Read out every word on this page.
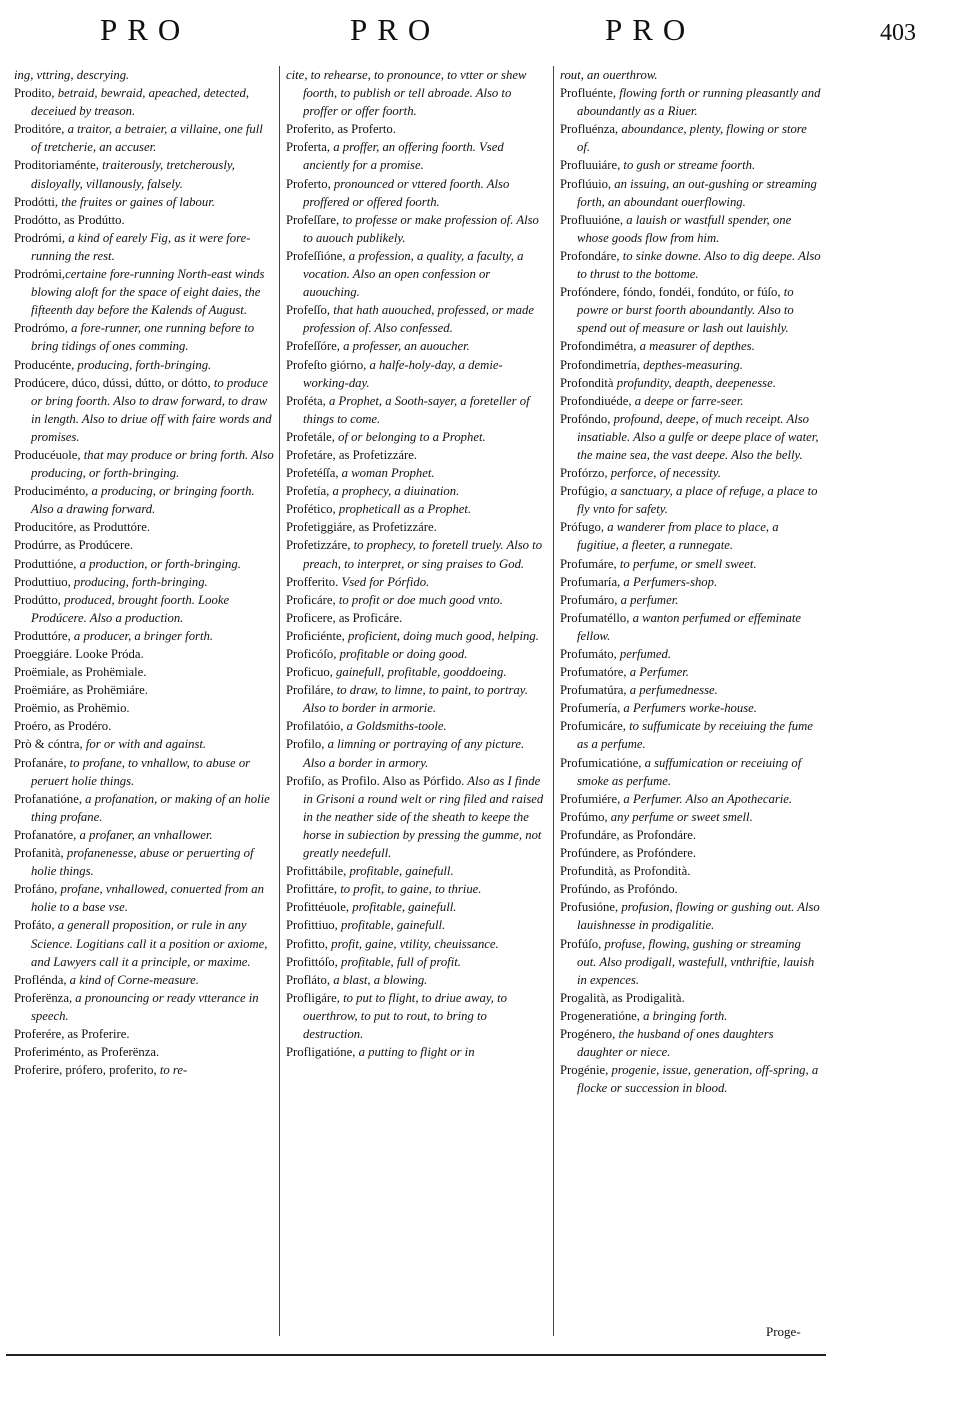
PRO	PRO	PRO	403

ing, vttring, descrying.

Prodito, betraid, bewraid, apeached, detected, deceiued by treason.

Proditóre, a traitor, a betraier, a villaine, one full of tretcherie, an accuser.

Proditoriaménte, traiterously, tretcherously, disloyally, villanously, falsely.

Prodótti, the fruites or gaines of labour.

Prodótto, as Prodútto.

Prodrómi, a kind of earely Fig, as it were fore-running the rest.

Prodrómi,certaine fore-running North-east winds blowing aloft for the space of eight daies, the fifteenth day before the Kalends of August.

Prodrómo, a fore-runner, one running before to bring tidings of ones comming.

Producénte, producing, forth-bringing.

Prodúcere, dúco, dússi, dútto, or dótto, to produce or bring foorth. Also to draw forward, to draw in length. Also to driue off with faire words and promises.

Producéuole, that may produce or bring forth. Also producing, or forth-bringing.

Produciménto, a producing, or bringing foorth. Also a drawing forward.

Producitóre, as Produttóre.

Prodúrre, as Prodúcere.

Produttióne, a production, or forth-bringing.

Produttiuo, producing, forth-bringing.

Prodútto, produced, brought foorth. Looke Prodúcere. Also a production.

Produttóre, a producer, a bringer forth.

Proeggiáre. Looke Próda.

Proëmiale, as Prohëmiale.

Proëmiáre, as Prohëmiáre.

Proëmio, as Prohëmio.

Proéro, as Prodéro.

Prò & cóntra, for or with and against.

Profanáre, to profane, to vnhallow, to abuse or peruert holie things.

Profanatióne, a profanation, or making of an holie thing profane.

Profanatóre, a profaner, an vnhallower.

Profanità, profanenesse, abuse or peruerting of holie things.

Profáno, profane, vnhallowed, conuerted from an holie to a base vse.

Profáto, a generall proposition, or rule in any Science. Logitians call it a position or axiome, and Lawyers call it a principle, or maxime.

Proflénda, a kind of Corne-measure.

Proferënza, a pronouncing or ready vtterance in speech.

Proferére, as Proferire.

Proferiménto, as Proferënza.

Proferire, prófero, proferito, to re-

cite, to rehearse, to pronounce, to vtter or shew foorth, to publish or tell abroade. Also to proffer or offer foorth.

Proferito, as Proferto.

Proferta, a proffer, an offering foorth. Vsed anciently for a promise.

Proferto, pronounced or vttered foorth. Also proffered or offered foorth.

Profeſſare, to professe or make profession of. Also to auouch publikely.

Profeſſióne, a profession, a quality, a faculty, a vocation. Also an open confession or auouching.

Profeſſo, that hath auouched, professed, or made profession of. Also confessed.

Profeſſóre, a professer, an auoucher.

Profeſto giórno, a halfe-holy-day, a demie-working-day.

Proféta, a Prophet, a Sooth-sayer, a foreteller of things to come.

Profetále, of or belonging to a Prophet.

Profetáre, as Profetizzáre.

Profetéſſa, a woman Prophet.

Profetía, a prophecy, a diuination.

Profético, propheticall as a Prophet.

Profetiggiáre, as Profetizzáre.

Profetizzáre, to prophecy, to foretell truely. Also to preach, to interpret, or sing praises to God.

Profferito. Vsed for Pórfido.

Proficáre, to profit or doe much good vnto.

Proficere, as Proficáre.

Proficiénte, proficient, doing much good, helping.

Proficóſo, profitable or doing good.

Proficuo, gainefull, profitable, gooddoeing.

Profiláre, to draw, to limne, to paint, to portray. Also to border in armorie.

Profilatóio, a Goldsmiths-toole.

Profilo, a limning or portraying of any picture. Also a border in armory.

Profiſo, as Profilo. Also as Pórfido. Also as I finde in Grisoni a round welt or ring filed and raised in the neather side of the sheath to keepe the horse in subiection by pressing the gumme, not greatly needefull.

Profittábile, profitable, gainefull.

Profittáre, to profit, to gaine, to thriue.

Profittéuole, profitable, gainefull.

Profittiuo, profitable, gainefull.

Profitto, profit, gaine, vtility, cheuissance.

Profittóſo, profitable, full of profit.

Profláto, a blast, a blowing.

Profligáre, to put to flight, to driue away, to ouerthrow, to put to rout, to bring to destruction.

Profligatióne, a putting to flight or in

rout, an ouerthrow.

Profluénte, flowing forth or running pleasantly and aboundantly as a Riuer.

Profluénza, aboundance, plenty, flowing or store of.

Profluuiáre, to gush or streame foorth.

Proflúuio, an issuing, an out-gushing or streaming forth, an aboundant ouerflowing.

Profluuióne, a lauish or wastfull spender, one whose goods flow from him.

Profondáre, to sinke downe. Also to dig deepe. Also to thrust to the bottome.

Profóndere, fóndo, fondéi, fondúto, or fúſo, to powre or burst foorth aboundantly. Also to spend out of measure or lash out lauishly.

Profondimétra, a measurer of depthes.

Profondimetría, depthes-measuring.

Profondità profundity, deapth, deepenesse.

Profondiuéde, a deepe or farre-seer.

Profóndo, profound, deepe, of much receipt. Also insatiable. Also a gulfe or deepe place of water, the maine sea, the vast deepe. Also the belly.

Profórzo, perforce, of necessity.

Profúgio, a sanctuary, a place of refuge, a place to fly vnto for safety.

Prófugo, a wanderer from place to place, a fugitiue, a fleeter, a runnegate.

Profumáre, to perfume, or smell sweet.

Profumaría, a Perfumers-shop.

Profumáro, a perfumer.

Profumatéllo, a wanton perfumed or effeminate fellow.

Profumáto, perfumed.

Profumatóre, a Perfumer.

Profumatúra, a perfumednesse.

Profumería, a Perfumers worke-house.

Profumicáre, to suffumicate by receiuing the fume as a perfume.

Profumicatióne, a suffumication or receiuing of smoke as perfume.

Profumiére, a Perfumer. Also an Apothecarie.

Profúmo, any perfume or sweet smell.

Profundáre, as Profondáre.

Profúndere, as Profóndere.

Profundità, as Profondità.

Profúndo, as Profóndo.

Profusióne, profusion, flowing or gushing out. Also lauishnesse in prodigalitie.

Profúſo, profuse, flowing, gushing or streaming out. Also prodigall, wastefull, vnthriftie, lauish in expences.

Progalità, as Prodigalità.

Progeneratióne, a bringing forth.

Progénero, the husband of ones daughters daughter or niece.

Progénie, progenie, issue, generation, off-spring, a flocke or succession in blood.

Proge-
